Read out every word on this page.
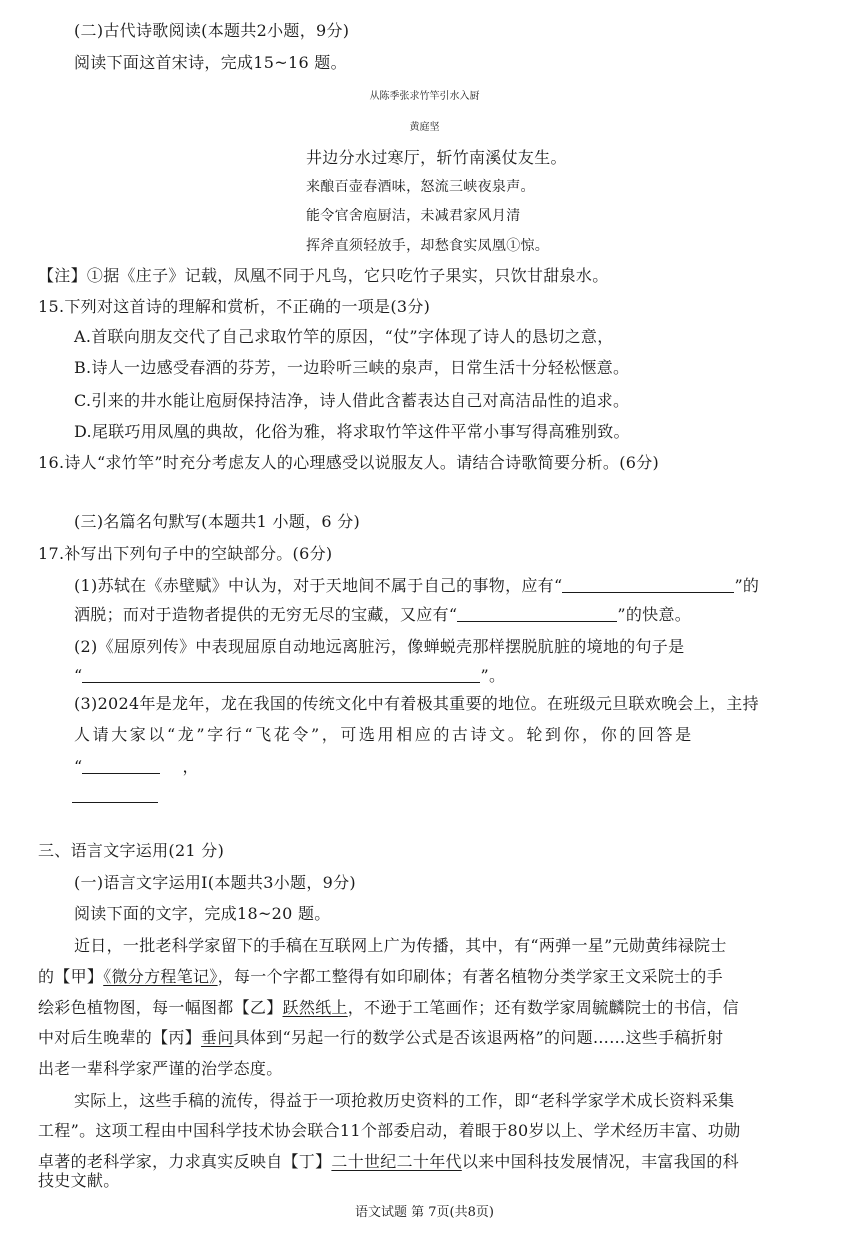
(二)古代诗歌阅读(本题共2小题，9分)
阅读下面这首宋诗，完成15~16 题。
从陈季张求竹竿引水入厨
黄庭坚
井边分水过寒厅，斩竹南溪仗友生。
来酿百壶春酒味，怒流三峡夜泉声。
能令官舍庖厨洁，未减君家风月清
挥斧直须轻放手，却愁食实凤凰①惊。
【注】①据《庄子》记载，凤凰不同于凡鸟，它只吃竹子果实，只饮甘甜泉水。
15.下列对这首诗的理解和赏析，不正确的一项是(3分)
A.首联向朋友交代了自己求取竹竿的原因，“仗”字体现了诗人的恳切之意，
B.诗人一边感受春酒的芬芳，一边聆听三峡的泉声，日常生活十分轻松惬意。
C.引来的井水能让庖厨保持洁净，诗人借此含蓄表达自己对高洁品性的追求。
D.尾联巧用凤凰的典故，化俗为雅，将求取竹竿这件平常小事写得高雅别致。
16.诗人“求竹竿”时充分考虑友人的心理感受以说服友人。请结合诗歌简要分析。(6分)
(三)名篇名句默写(本题共1 小题，6 分)
17.补写出下列句子中的空缺部分。(6分)
(1)苏轼在《赤壁赋》中认为，对于天地间不属于自己的事物，应有“	”的
洒脱；而对于造物者提供的无穷无尽的宝藏，又应有“	”的快意。
(2)《屈原列传》中表现屈原自动地远离脏污，像蝉蜕壳那样摆脱肮脏的境地的句子是
“	”。
(3)2024年是龙年，龙在我国的传统文化中有着极其重要的地位。在班级元旦联欢晚会上，主持
人请大家以“龙”字行“飞花令”，可选用相应的古诗文。轮到你，你的回答是
“	，
三、语言文字运用(21 分)
(一)语言文字运用Ⅰ(本题共3小题，9分)
阅读下面的文字，完成18~20 题。
近日，一批老科学家留下的手稿在互联网上广为传播，其中，有“两弹一星”元勋黄纬禄院士
的【甲】《微分方程笔记》，每一个字都工整得有如印刷体；有著名植物分类学家王文采院士的手
绘彩色植物图，每一幅图都【乙】跃然纸上，不逊于工笔画作；还有数学家周毓麟院士的书信，信
中对后生晚辈的【丙】垂问具体到“另起一行的数学公式是否该退两格”的问题……这些手稿折射
出老一辈科学家严谨的治学态度。
实际上，这些手稿的流传，得益于一项抢救历史资料的工作，即“老科学家学术成长资料采集
工程”。这项工程由中国科学技术协会联合11个部委启动，着眼于80岁以上、学术经历丰富、功勋
卓著的老科学家，力求真实反映自【丁】二十世纪二十年代以来中国科技发展情况，丰富我国的科
技史文献。
语文试题 第 7页(共8页)
